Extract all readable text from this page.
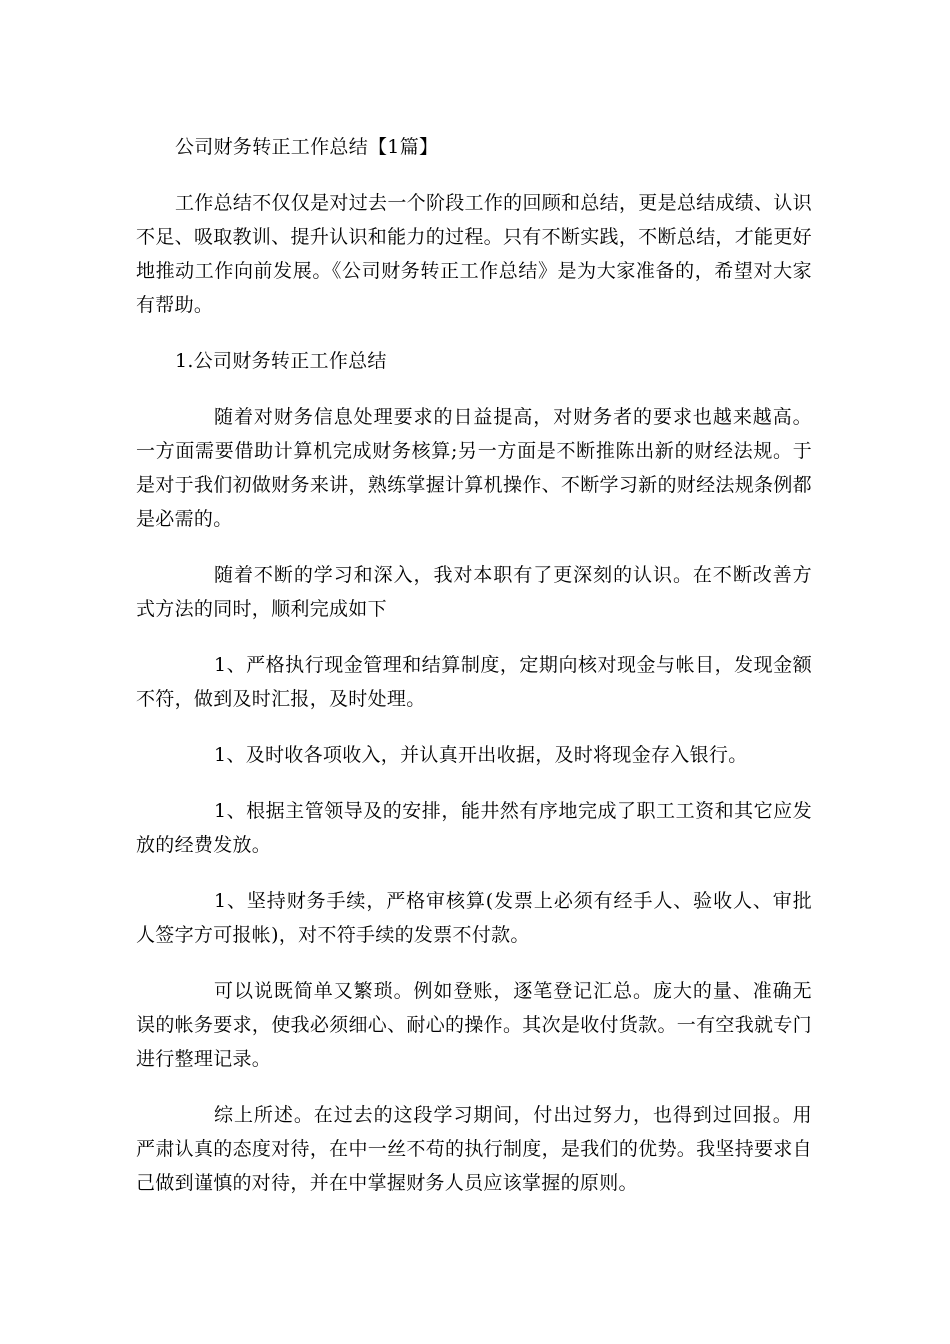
公司财务转正工作总结【1篇】
工作总结不仅仅是对过去一个阶段工作的回顾和总结，更是总结成绩、认识不足、吸取教训、提升认识和能力的过程。只有不断实践，不断总结，才能更好地推动工作向前发展。《公司财务转正工作总结》是为大家准备的，希望对大家有帮助。
1.公司财务转正工作总结
随着对财务信息处理要求的日益提高，对财务者的要求也越来越高。一方面需要借助计算机完成财务核算;另一方面是不断推陈出新的财经法规。于是对于我们初做财务来讲，熟练掌握计算机操作、不断学习新的财经法规条例都是必需的。
随着不断的学习和深入，我对本职有了更深刻的认识。在不断改善方式方法的同时，顺利完成如下
1、严格执行现金管理和结算制度，定期向核对现金与帐目，发现金额不符，做到及时汇报，及时处理。
1、及时收各项收入，并认真开出收据，及时将现金存入银行。
1、根据主管领导及的安排，能井然有序地完成了职工工资和其它应发放的经费发放。
1、坚持财务手续，严格审核算(发票上必须有经手人、验收人、审批人签字方可报帐)，对不符手续的发票不付款。
可以说既简单又繁琐。例如登账，逐笔登记汇总。庞大的量、准确无误的帐务要求，使我必须细心、耐心的操作。其次是收付货款。一有空我就专门进行整理记录。
综上所述。在过去的这段学习期间，付出过努力，也得到过回报。用严肃认真的态度对待，在中一丝不苟的执行制度，是我们的优势。我坚持要求自己做到谨慎的对待，并在中掌握财务人员应该掌握的原则。
